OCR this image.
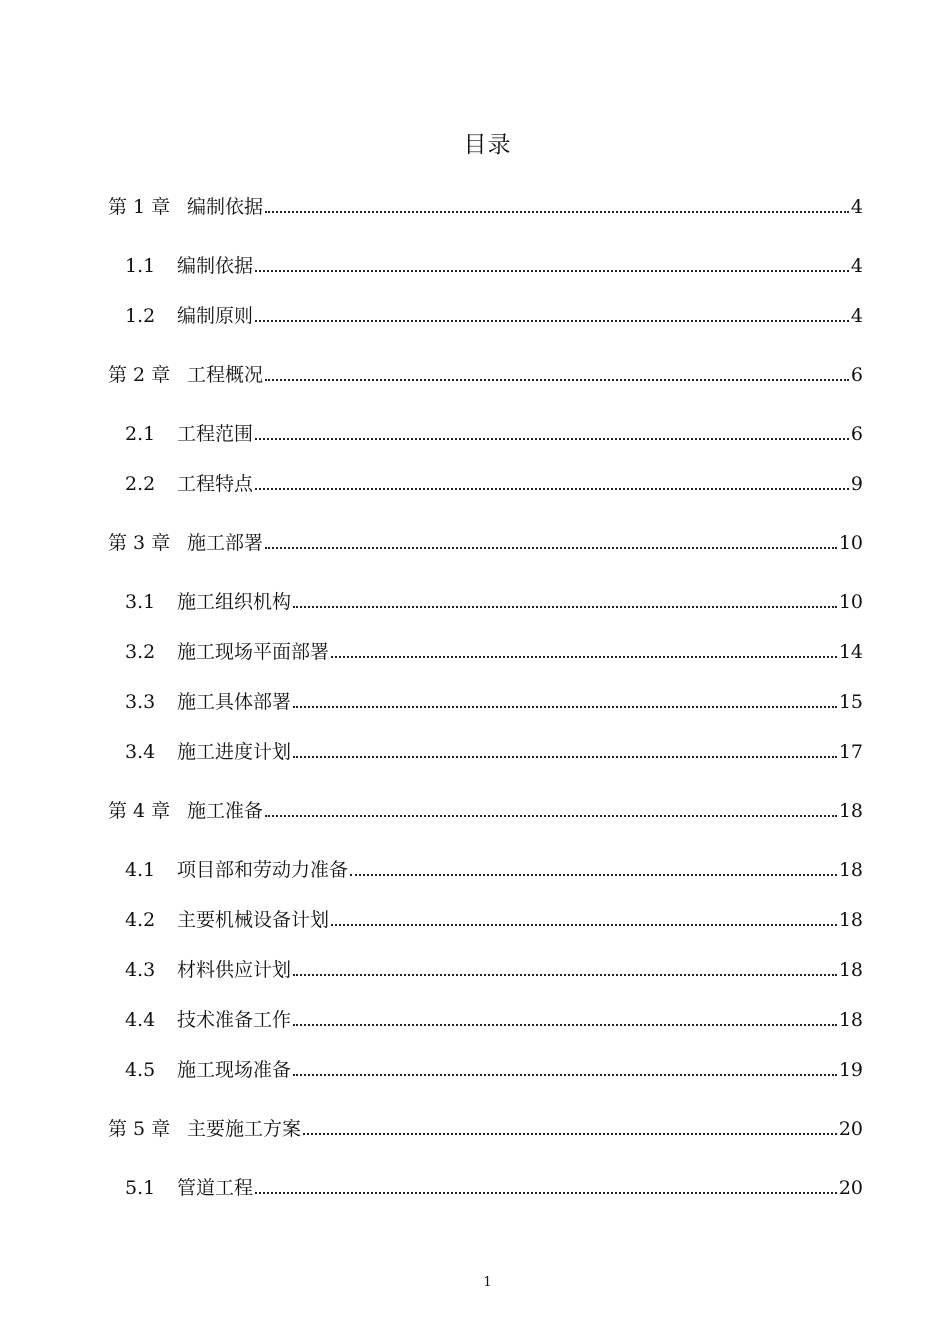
目录
第 1 章 编制依据	4
1.1 编制依据	4
1.2 编制原则	4
第 2 章 工程概况	6
2.1 工程范围	6
2.2 工程特点	9
第 3 章 施工部署	10
3.1 施工组织机构	10
3.2 施工现场平面部署	14
3.3 施工具体部署	15
3.4 施工进度计划	17
第 4 章 施工准备	18
4.1 项目部和劳动力准备	18
4.2 主要机械设备计划	18
4.3 材料供应计划	18
4.4 技术准备工作	18
4.5 施工现场准备	19
第 5 章 主要施工方案	20
5.1 管道工程	20
1
